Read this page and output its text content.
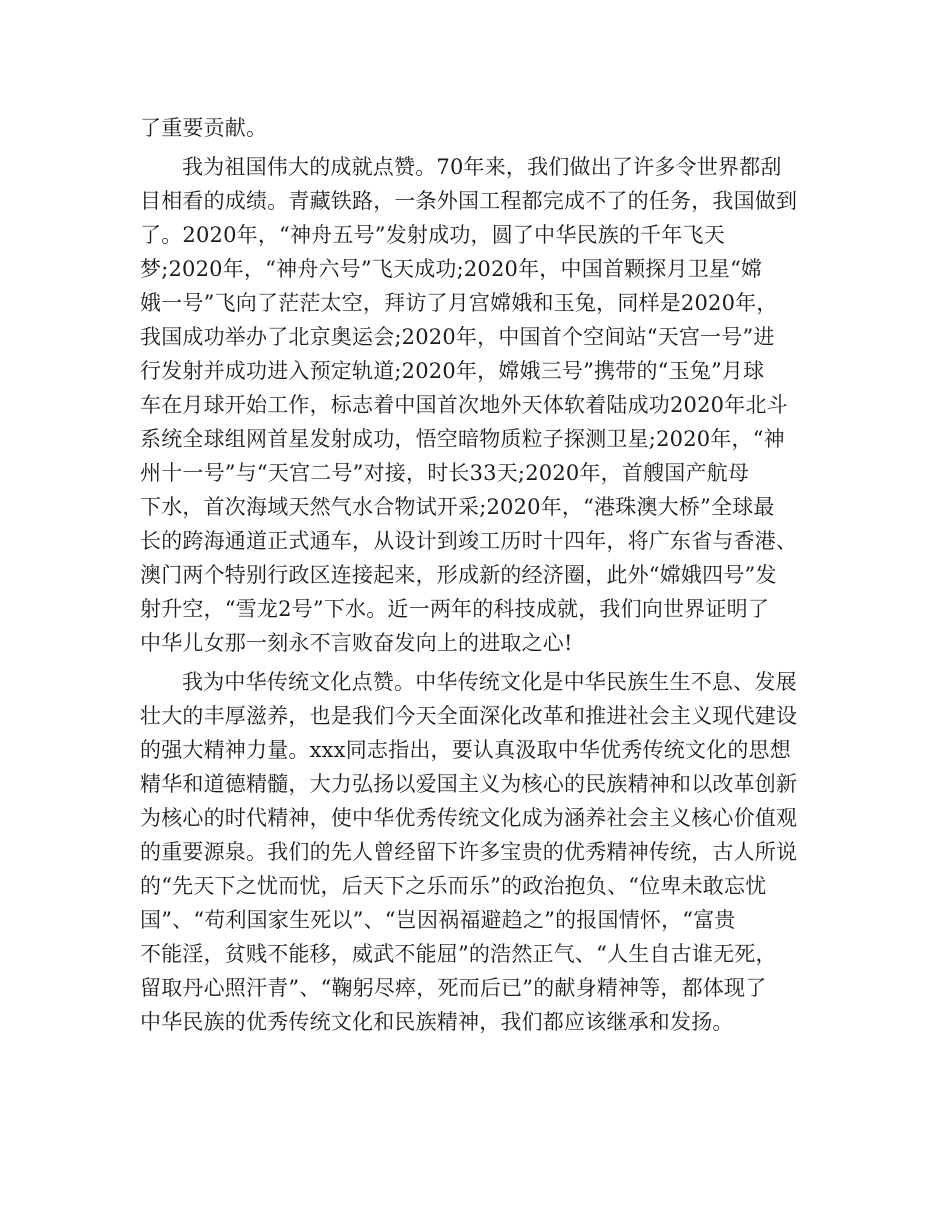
了重要贡献。
我为祖国伟大的成就点赞。70年来，我们做出了许多令世界都刮
目相看的成绩。青藏铁路，一条外国工程都完成不了的任务，我国做到
了。2020年，“神舟五号”发射成功，圆了中华民族的千年飞天
梦;2020年，“神舟六号”飞天成功;2020年，中国首颗探月卫星“嫦
娥一号”飞向了茫茫太空，拜访了月宫嫦娥和玉兔，同样是2020年，
我国成功举办了北京奥运会;2020年，中国首个空间站“天宫一号”进
行发射并成功进入预定轨道;2020年，嫦娥三号”携带的“玉兔”月球
车在月球开始工作，标志着中国首次地外天体软着陆成功2020年北斗
系统全球组网首星发射成功，悟空暗物质粒子探测卫星;2020年，“神
州十一号”与“天宫二号”对接，时长33天;2020年，首艘国产航母
下水，首次海域天然气水合物试开采;2020年，“港珠澳大桥”全球最
长的跨海通道正式通车，从设计到竣工历时十四年，将广东省与香港、
澳门两个特别行政区连接起来，形成新的经济圈，此外“嫦娥四号”发
射升空，“雪龙2号”下水。近一两年的科技成就，我们向世界证明了
中华儿女那一刻永不言败奋发向上的进取之心!
我为中华传统文化点赞。中华传统文化是中华民族生生不息、发展
壮大的丰厚滋养，也是我们今天全面深化改革和推进社会主义现代建设
的强大精神力量。xxx同志指出，要认真汲取中华优秀传统文化的思想
精华和道德精髓，大力弘扬以爱国主义为核心的民族精神和以改革创新
为核心的时代精神，使中华优秀传统文化成为涵养社会主义核心价值观
的重要源泉。我们的先人曾经留下许多宝贵的优秀精神传统，古人所说
的“先天下之忧而忧，后天下之乐而乐”的政治抱负、“位卑未敢忘忧
国”、“苟利国家生死以”、“岂因祸福避趋之”的报国情怀，“富贵
不能淫，贫贱不能移，威武不能屈”的浩然正气、“人生自古谁无死，
留取丹心照汗青”、“鞠躬尽瘁，死而后已”的献身精神等，都体现了
中华民族的优秀传统文化和民族精神，我们都应该继承和发扬。
